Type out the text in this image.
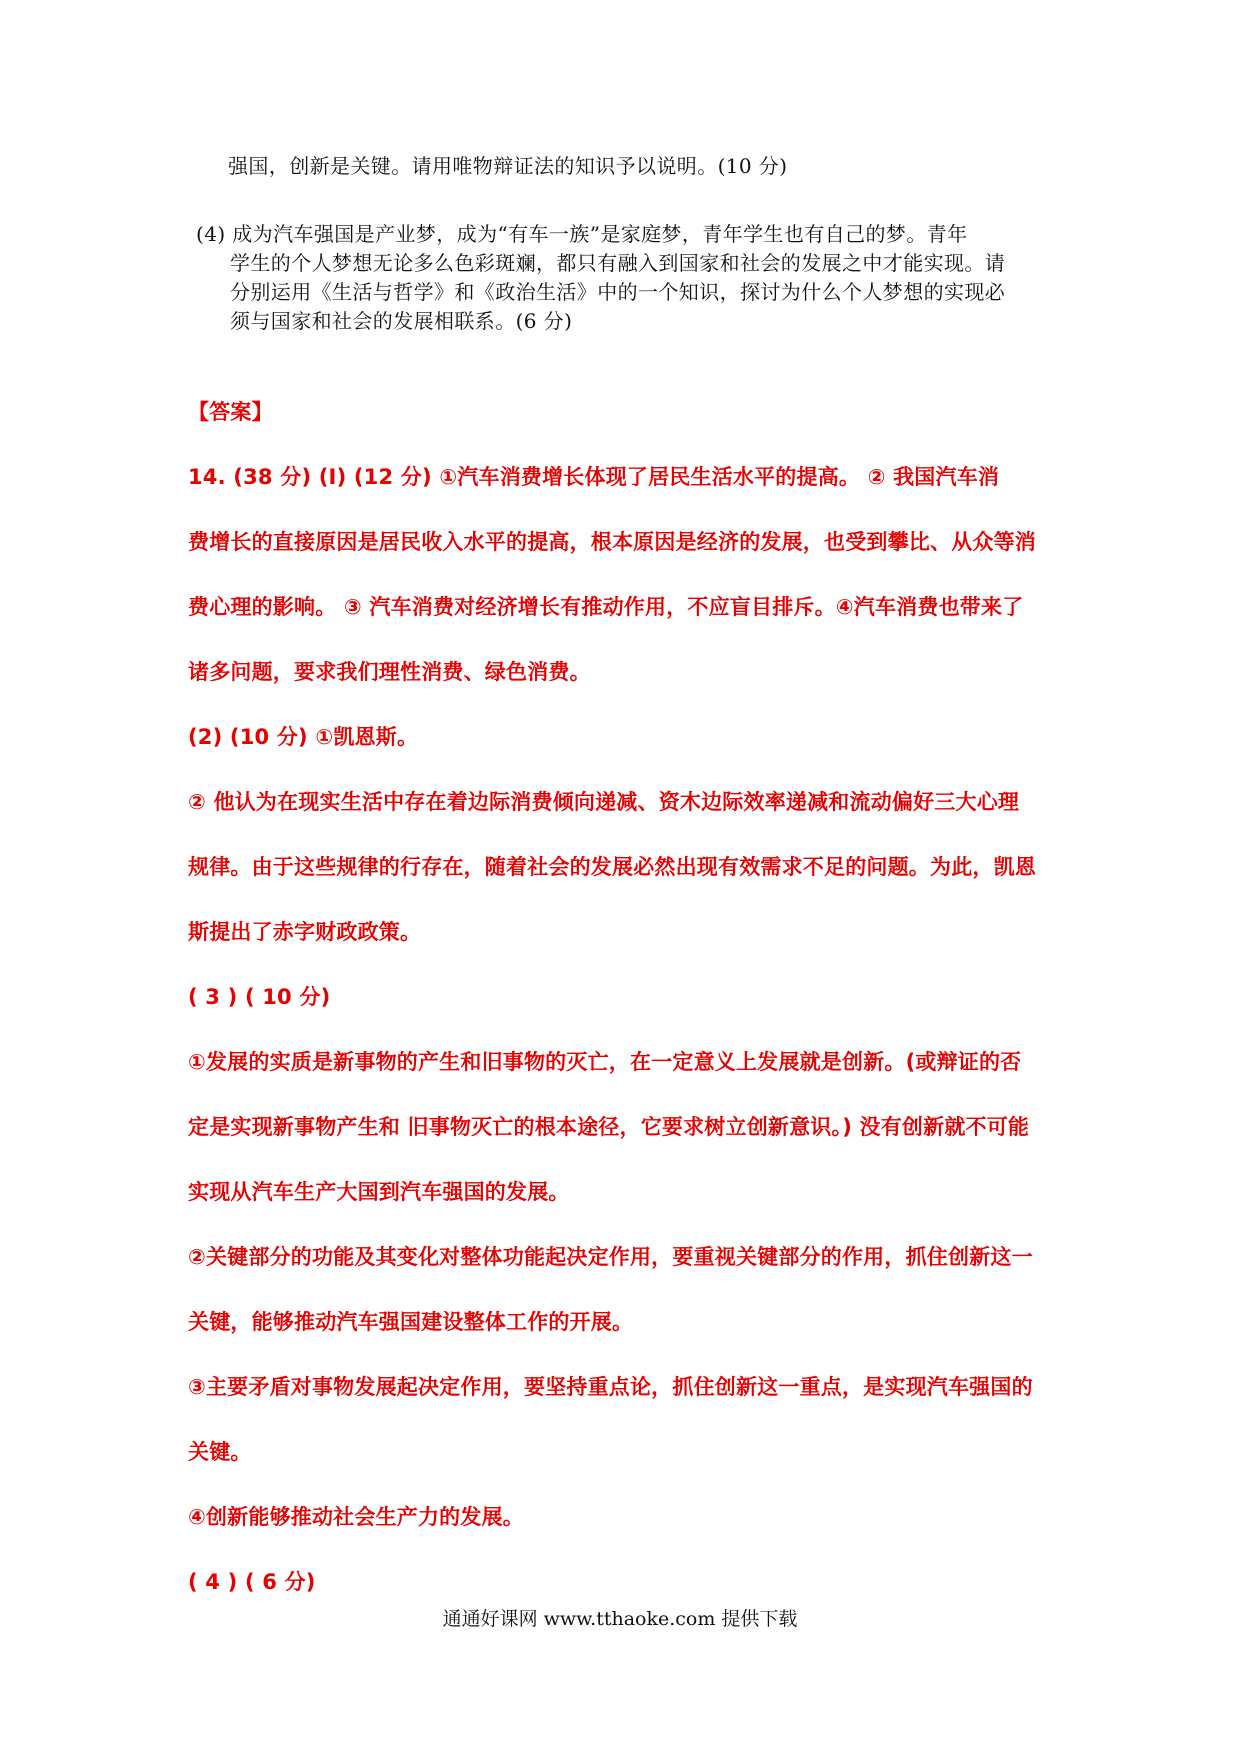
强国，创新是关键。请用唯物辩证法的知识予以说明。(10 分)
(4) 成为汽车强国是产业梦，成为“有车一族”是家庭梦，青年学生也有自己的梦。青年
学生的个人梦想无论多么色彩斑斓，都只有融入到国家和社会的发展之中才能实现。请
分别运用《生活与哲学》和《政治生活》中的一个知识，探讨为什么个人梦想的实现必
须与国家和社会的发展相联系。(6 分)
【答案】
14. (38 分) (Ⅰ) (12 分) ①汽车消费增长体现了居民生活水平的提高。 ② 我国汽车消
费增长的直接原因是居民收入水平的提高，根本原因是经济的发展，也受到攀比、从众等消
费心理的影响。 ③ 汽车消费对经济增长有推动作用，不应盲目排斥。④汽车消费也带来了
诸多问题，要求我们理性消费、绿色消费。
(2) (10 分) ①凯恩斯。
② 他认为在现实生活中存在着边际消费倾向递减、资木边际效率递减和流动偏好三大心理
规律。由于这些规律的行存在，随着社会的发展必然出现有效需求不足的问题。为此，凯恩
斯提出了赤字财政政策。
( 3 ) ( 10 分)
①发展的实质是新事物的产生和旧事物的灭亡，在一定意义上发展就是创新。(或辩证的否
定是实现新事物产生和 旧事物灭亡的根本途径，它要求树立创新意识。) 没有创新就不可能
实现从汽车生产大国到汽车强国的发展。
②关键部分的功能及其变化对整体功能起决定作用，要重视关键部分的作用，抓住创新这一
关键，能够推动汽车强国建设整体工作的开展。
③主要矛盾对事物发展起决定作用，要坚持重点论，抓住创新这一重点，是实现汽车强国的
关键。
④创新能够推动社会生产力的发展。
( 4 ) ( 6 分)
通通好课网 www.tthaoke.com 提供下载
